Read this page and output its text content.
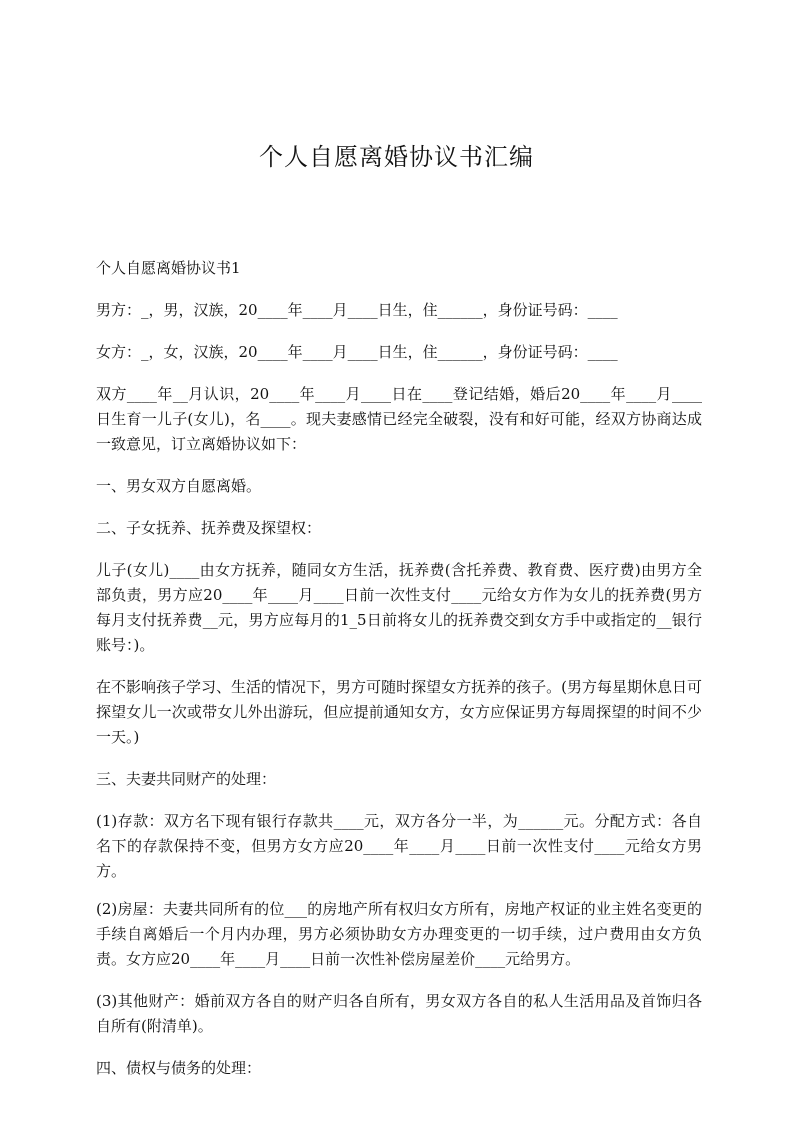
个人自愿离婚协议书汇编

个人自愿离婚协议书1

男方：_，男，汉族，20____年____月____日生，住______，身份证号码：____

女方：_，女，汉族，20____年____月____日生，住______，身份证号码：____

双方____年__月认识，20____年____月____日在____登记结婚，婚后20____年____月____日生育一儿子(女儿)，名____。现夫妻感情已经完全破裂，没有和好可能，经双方协商达成一致意见，订立离婚协议如下：

一、男女双方自愿离婚。

二、子女抚养、抚养费及探望权：

儿子(女儿)____由女方抚养，随同女方生活，抚养费(含托养费、教育费、医疗费)由男方全部负责，男方应20____年____月____日前一次性支付____元给女方作为女儿的抚养费(男方每月支付抚养费__元，男方应每月的1_5日前将女儿的抚养费交到女方手中或指定的__银行账号：)。

在不影响孩子学习、生活的情况下，男方可随时探望女方抚养的孩子。(男方每星期休息日可探望女儿一次或带女儿外出游玩，但应提前通知女方，女方应保证男方每周探望的时间不少一天。)

三、夫妻共同财产的处理：

(1)存款：双方名下现有银行存款共____元，双方各分一半，为______元。分配方式：各自名下的存款保持不变，但男方女方应20____年____月____日前一次性支付____元给女方男方。

(2)房屋：夫妻共同所有的位___的房地产所有权归女方所有，房地产权证的业主姓名变更的手续自离婚后一个月内办理，男方必须协助女方办理变更的一切手续，过户费用由女方负责。女方应20____年____月____日前一次性补偿房屋差价____元给男方。

(3)其他财产：婚前双方各自的财产归各自所有，男女双方各自的私人生活用品及首饰归各自所有(附清单)。

四、债权与债务的处理：
